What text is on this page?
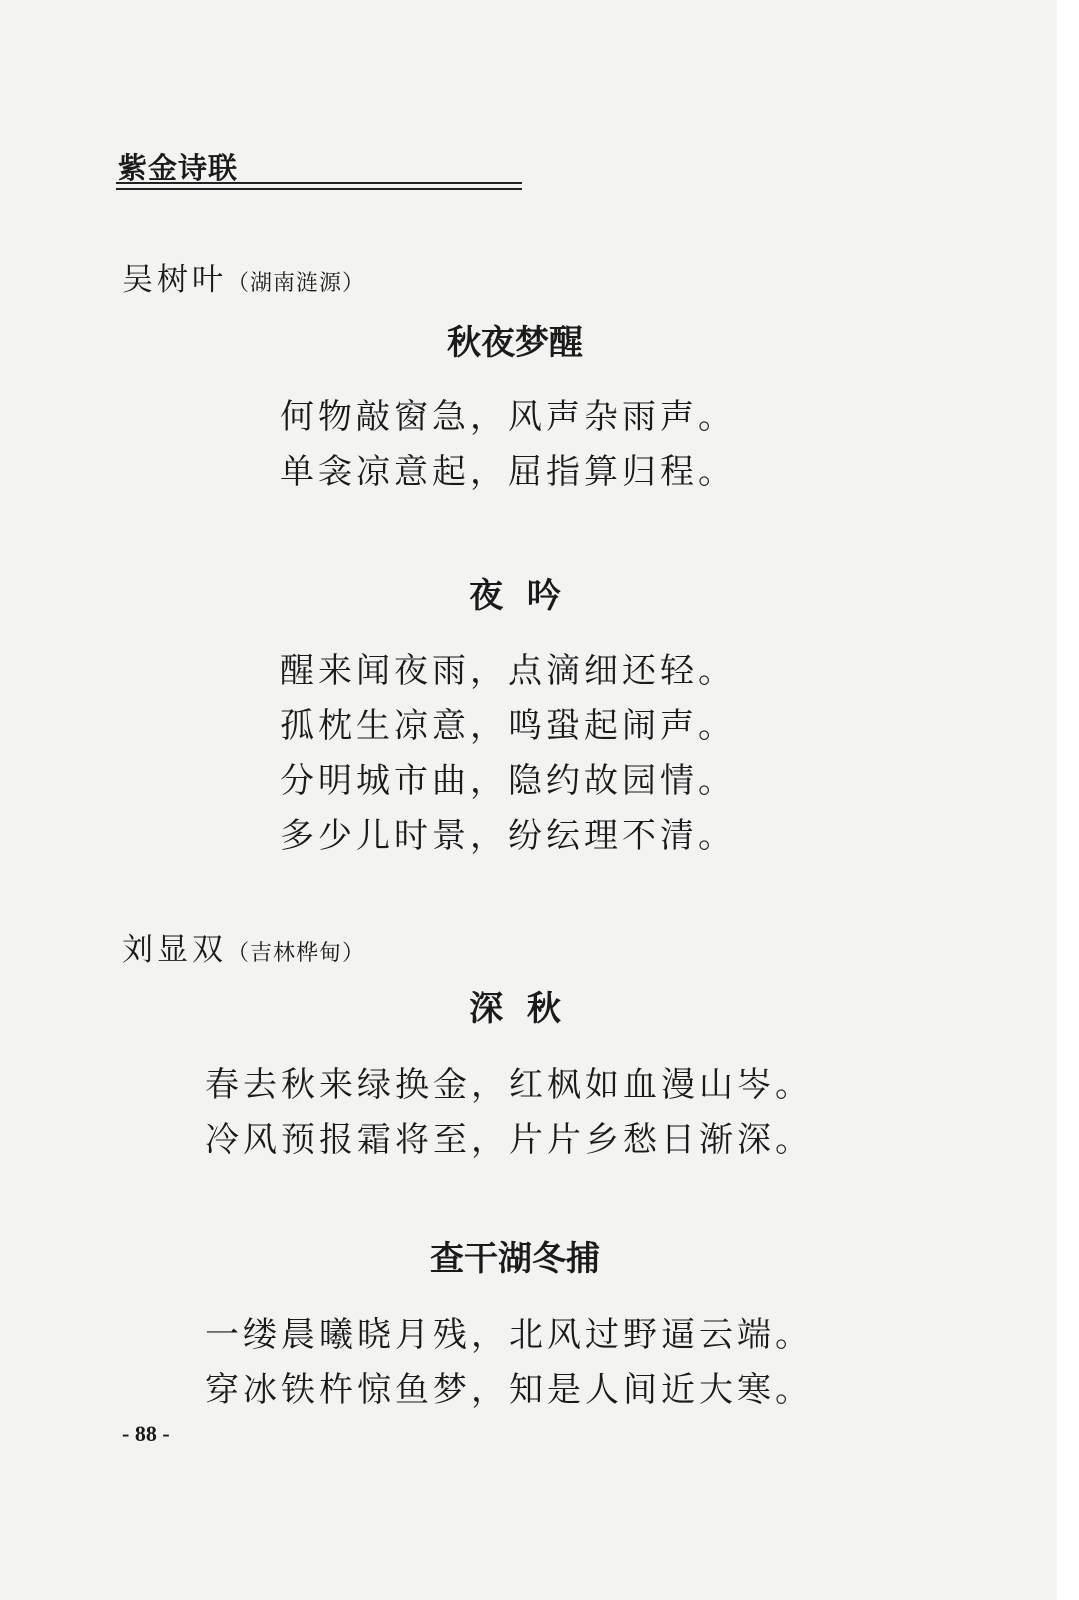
紫金诗联
吴树叶（湖南涟源）
秋夜梦醒
何物敲窗急，风声杂雨声。
单衾凉意起，屈指算归程。
夜  吟
醒来闻夜雨，点滴细还轻。
孤枕生凉意，鸣蛩起闹声。
分明城市曲，隐约故园情。
多少儿时景，纷纭理不清。
刘显双（吉林桦甸）
深  秋
春去秋来绿换金，红枫如血漫山岑。
冷风预报霜将至，片片乡愁日渐深。
查干湖冬捕
一缕晨曦晓月残，北风过野逼云端。
穿冰铁杵惊鱼梦，知是人间近大寒。
- 88 -
